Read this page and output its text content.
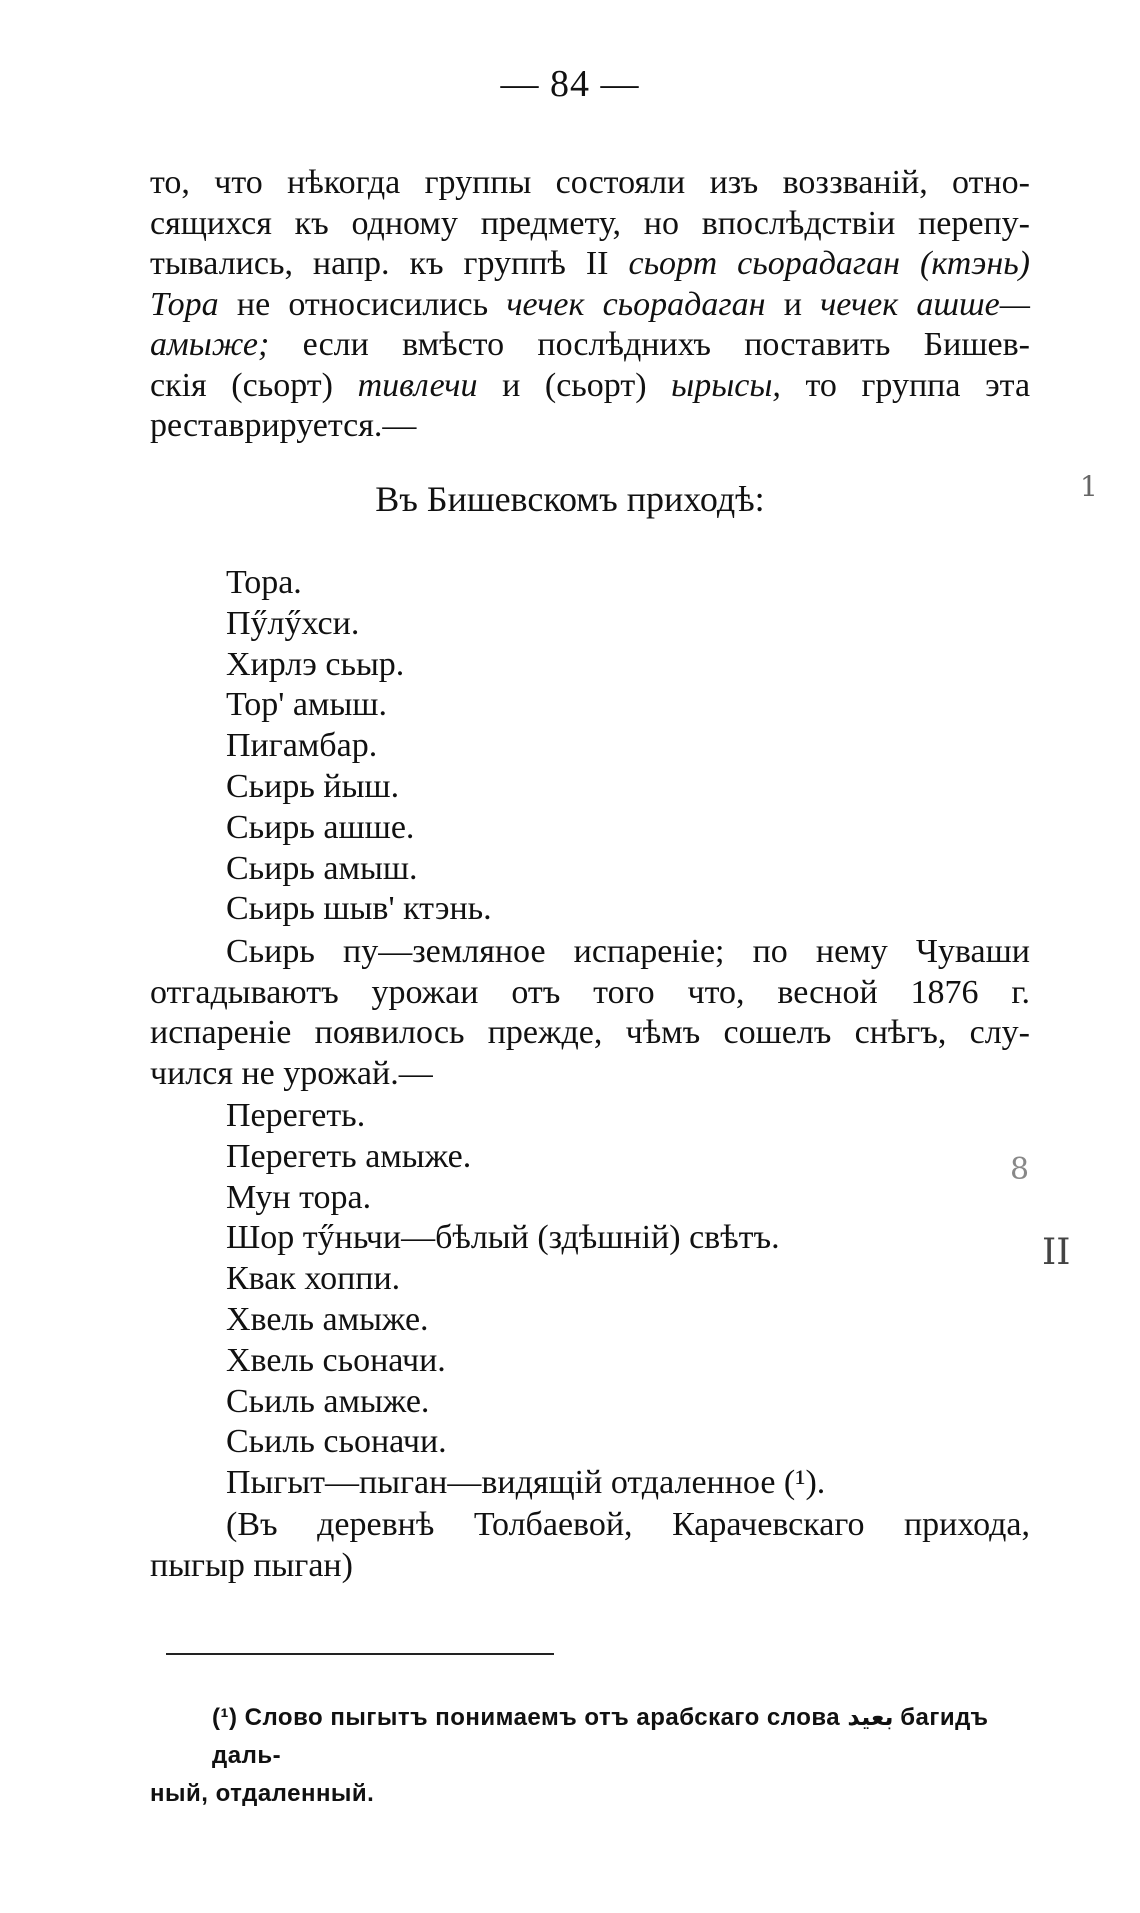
— 84 —
то, что нѣкогда группы состояли изъ воззваній, отно-
сящихся къ одному предмету, но впослѣдствіи перепу-
тывались, напр. къ группѣ II сьорт сьорадаган (ктэнь)
Тора не относисились чечек сьорадаган и чечек ашше—
амыже; если вмѣсто послѣднихъ поставить Бишев-
скія (сьорт) тивлечи и (сьорт) ырысы, то группа эта
реставрируется.—
Въ Бишевскомъ приходѣ:
Тора.
Пӳлӳхси.
Хирлэ сьыр.
Тор' амыш.
Пигамбар.
Сьирь йыш.
Сьирь ашше.
Сьирь амыш.
Сьирь шыв' ктэнь.
Сьирь пу—земляное испареніе; по нему Чуваши
отгадываютъ урожаи отъ того что, весной 1876 г.
испареніе появилось прежде, чѣмъ сошелъ снѣгъ, слу-
чился не урожай.—
Перегеть.
Перегеть амыже.
Мун тора.
Шор тӳньчи—бѣлый (здѣшній) свѣтъ.
Квак хоппи.
Хвель амыже.
Хвель сьоначи.
Сьиль амыже.
Сьиль сьоначи.
Пыгыт—пыган—видящій отдаленное (¹).
(Въ деревнѣ Толбаевой, Карачевскаго прихода,
пыгыр пыган)
(¹) Слово пыгытъ понимаемъ отъ арабскаго слова بعيد багидъ даль-
ный, отдаленный.
II
8
1
